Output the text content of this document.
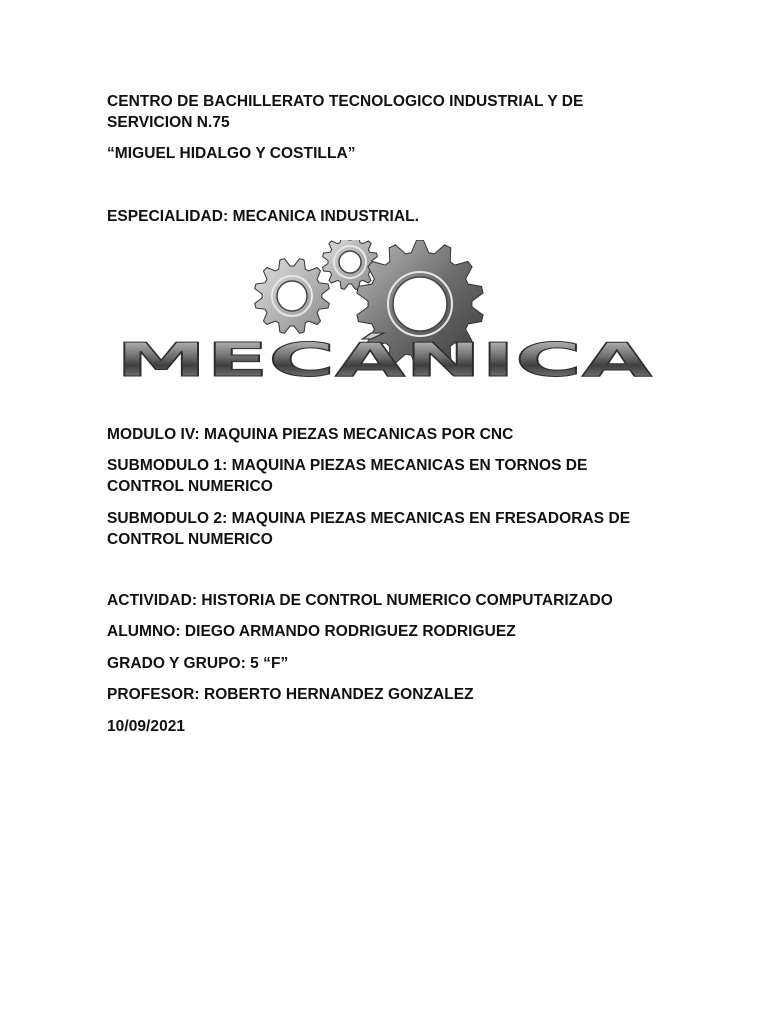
CENTRO DE BACHILLERATO TECNOLOGICO INDUSTRIAL Y DE
SERVICION N.75
“MIGUEL HIDALGO Y COSTILLA”
ESPECIALIDAD: MECANICA INDUSTRIAL.
MECÁNICA
MODULO IV: MAQUINA PIEZAS MECANICAS POR CNC
SUBMODULO 1: MAQUINA PIEZAS MECANICAS EN TORNOS DE
CONTROL NUMERICO
SUBMODULO 2: MAQUINA PIEZAS MECANICAS EN FRESADORAS DE
CONTROL NUMERICO
ACTIVIDAD: HISTORIA DE CONTROL NUMERICO COMPUTARIZADO
ALUMNO: DIEGO ARMANDO RODRIGUEZ RODRIGUEZ
GRADO Y GRUPO: 5 “F”
PROFESOR: ROBERTO HERNANDEZ GONZALEZ
10/09/2021
